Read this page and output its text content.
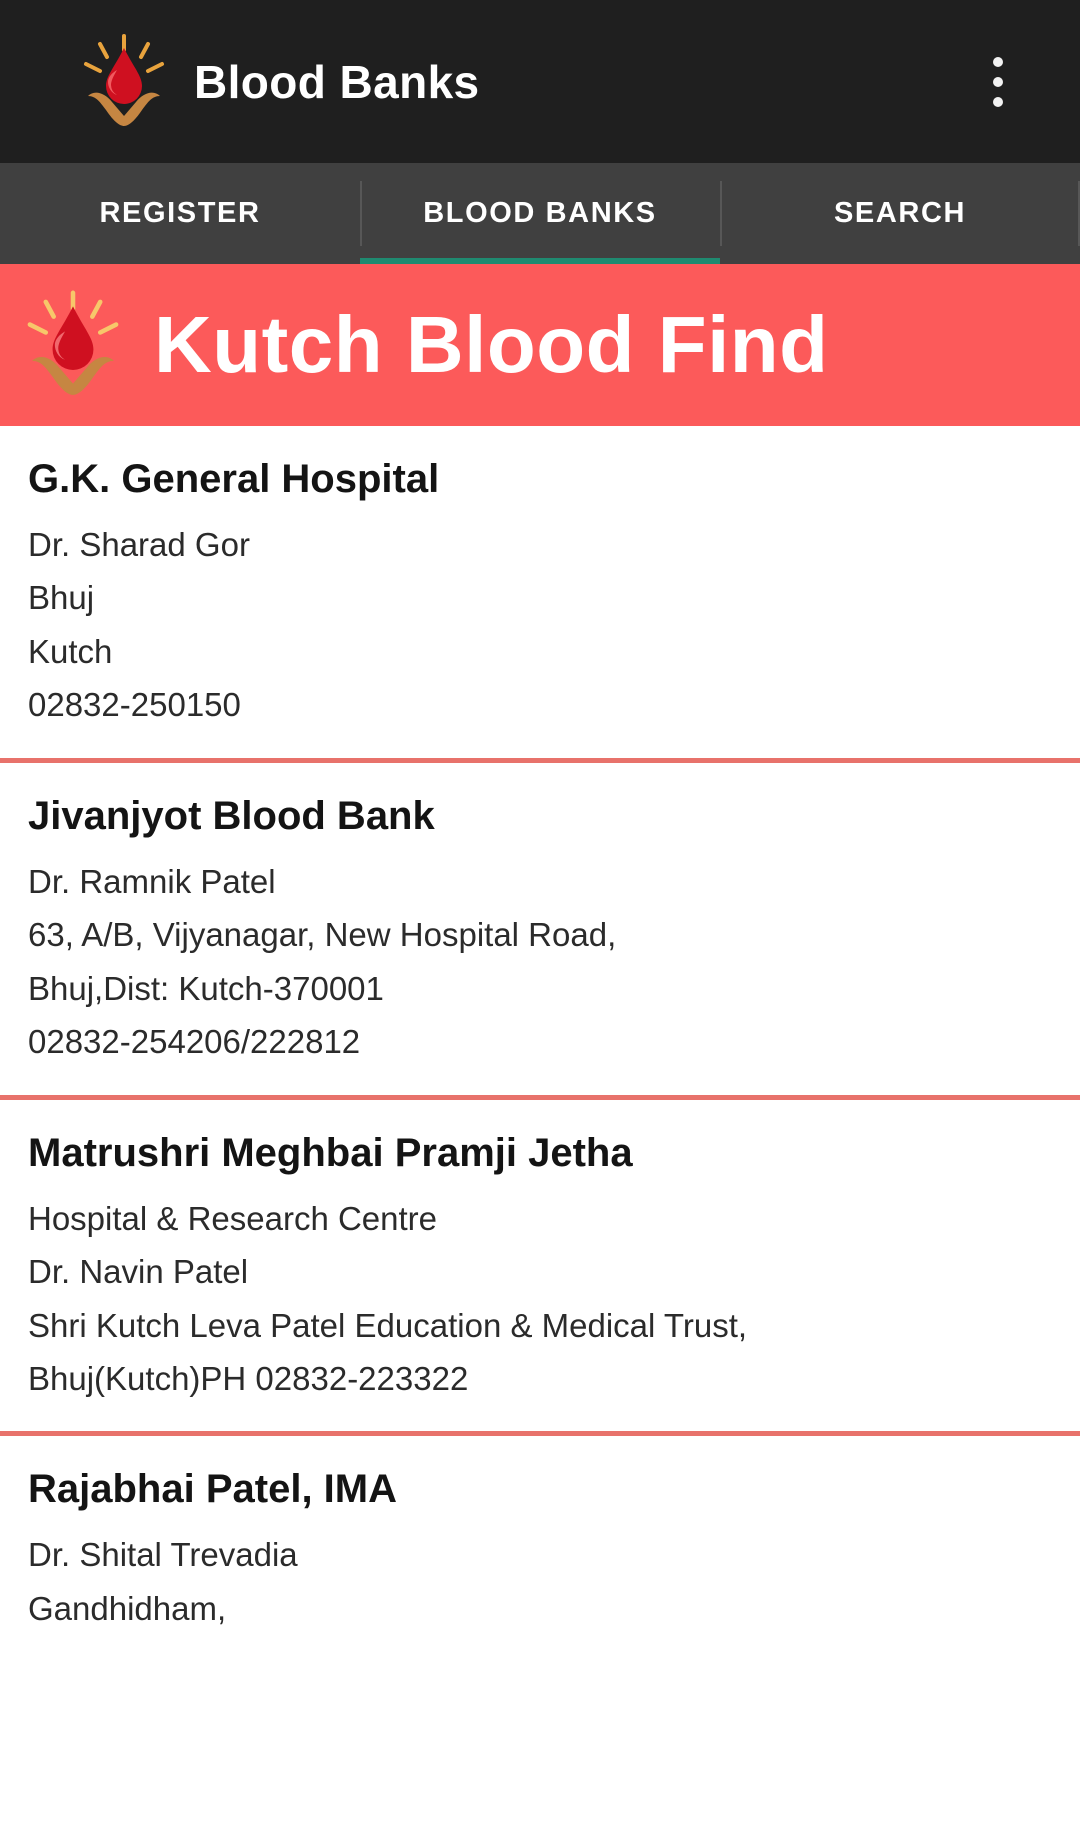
Blood Banks
REGISTER	BLOOD BANKS	SEARCH
Kutch Blood Find
G.K. General Hospital
Dr. Sharad Gor
Bhuj
Kutch
02832-250150
Jivanjyot Blood Bank
Dr. Ramnik Patel
63, A/B, Vijyanagar, New Hospital Road,
Bhuj,Dist: Kutch-370001
02832-254206/222812
Matrushri Meghbai Pramji Jetha
Hospital & Research Centre
Dr. Navin Patel
Shri Kutch Leva Patel Education & Medical Trust,
Bhuj(Kutch)PH 02832-223322
Rajabhai Patel, IMA
Dr. Shital Trevadia
Gandhidham,
